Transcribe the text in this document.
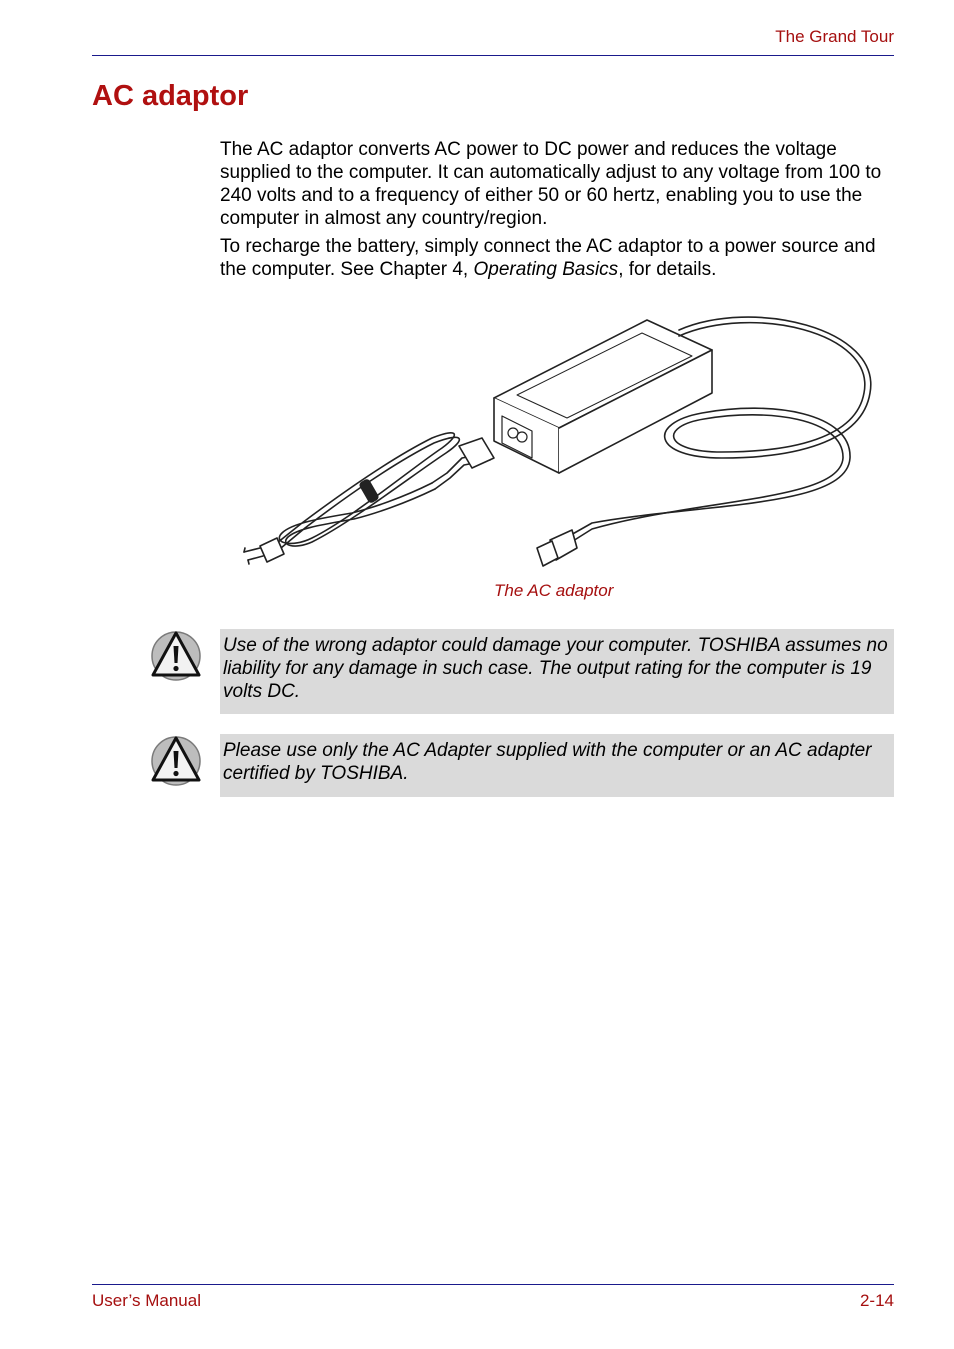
The Grand Tour
AC adaptor

The AC adaptor converts AC power to DC power and reduces the voltage supplied to the computer. It can automatically adjust to any voltage from 100 to 240 volts and to a frequency of either 50 or 60 hertz, enabling you to use the computer in almost any country/region.

To recharge the battery, simply connect the AC adaptor to a power source and the computer. See Chapter 4, Operating Basics, for details.

The AC adaptor
Use of the wrong adaptor could damage your computer. TOSHIBA assumes no liability for any damage in such case. The output rating for the computer is 19 volts DC.
Please use only the AC Adapter supplied with the computer or an AC adapter certified by TOSHIBA.
User’s Manual	2-14
